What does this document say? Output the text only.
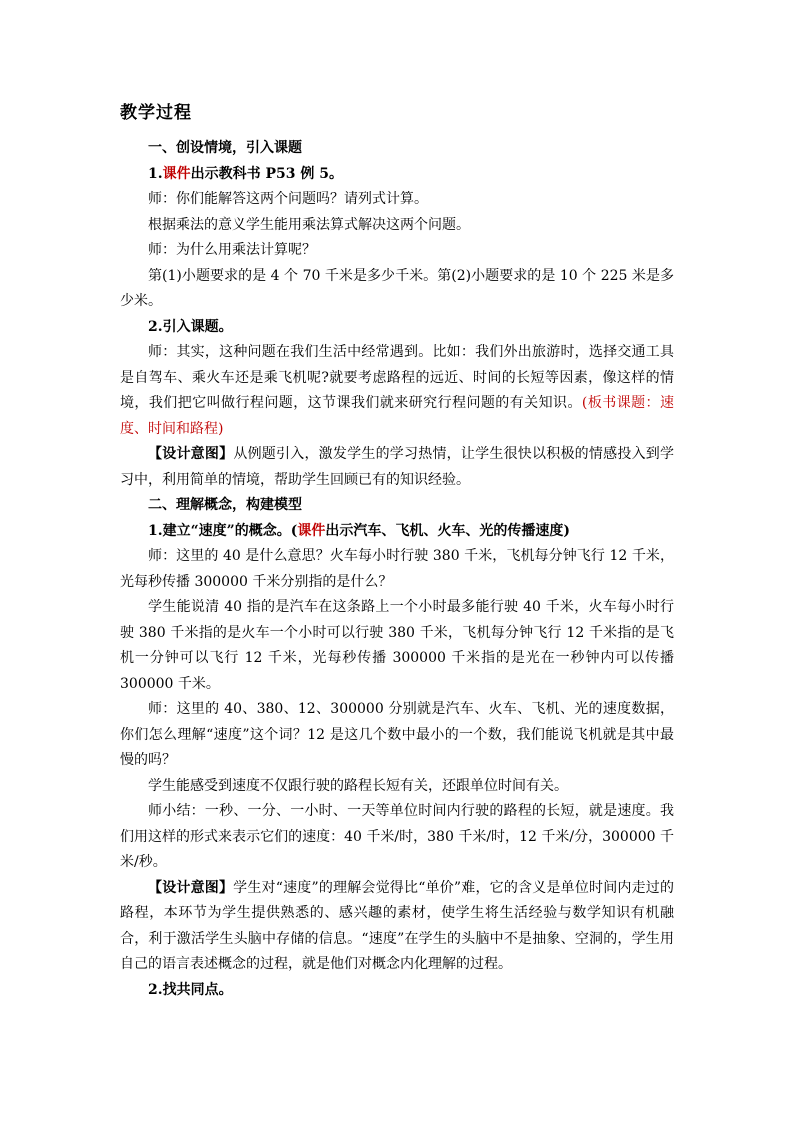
教学过程

一、创设情境，引入课题

1.课件出示教科书 P53 例 5。

师：你们能解答这两个问题吗？请列式计算。

根据乘法的意义学生能用乘法算式解决这两个问题。

师：为什么用乘法计算呢？

第(1)小题要求的是 4 个 70 千米是多少千米。第(2)小题要求的是 10 个 225 米是多少米。

2.引入课题。

师：其实，这种问题在我们生活中经常遇到。比如：我们外出旅游时，选择交通工具是自驾车、乘火车还是乘飞机呢?就要考虑路程的远近、时间的长短等因素，像这样的情境，我们把它叫做行程问题，这节课我们就来研究行程问题的有关知识。(板书课题：速度、时间和路程)

【设计意图】从例题引入，激发学生的学习热情，让学生很快以积极的情感投入到学习中，利用简单的情境，帮助学生回顾已有的知识经验。

二、理解概念，构建模型

1.建立“速度”的概念。(课件出示汽车、飞机、火车、光的传播速度)

师：这里的 40 是什么意思？火车每小时行驶 380 千米，飞机每分钟飞行 12 千米，光每秒传播 300000 千米分别指的是什么？

学生能说清 40 指的是汽车在这条路上一个小时最多能行驶 40 千米，火车每小时行驶 380 千米指的是火车一个小时可以行驶 380 千米，飞机每分钟飞行 12 千米指的是飞机一分钟可以飞行 12 千米，光每秒传播 300000 千米指的是光在一秒钟内可以传播 300000 千米。

师：这里的 40、380、12、300000 分别就是汽车、火车、飞机、光的速度数据，你们怎么理解“速度”这个词？12 是这几个数中最小的一个数，我们能说飞机就是其中最慢的吗？

学生能感受到速度不仅跟行驶的路程长短有关，还跟单位时间有关。

师小结：一秒、一分、一小时、一天等单位时间内行驶的路程的长短，就是速度。我们用这样的形式来表示它们的速度：40 千米/时，380 千米/时，12 千米/分，300000 千米/秒。

【设计意图】学生对“速度”的理解会觉得比“单价”难，它的含义是单位时间内走过的路程，本环节为学生提供熟悉的、感兴趣的素材，使学生将生活经验与数学知识有机融合，利于激活学生头脑中存储的信息。“速度”在学生的头脑中不是抽象、空洞的，学生用自己的语言表述概念的过程，就是他们对概念内化理解的过程。

2.找共同点。
